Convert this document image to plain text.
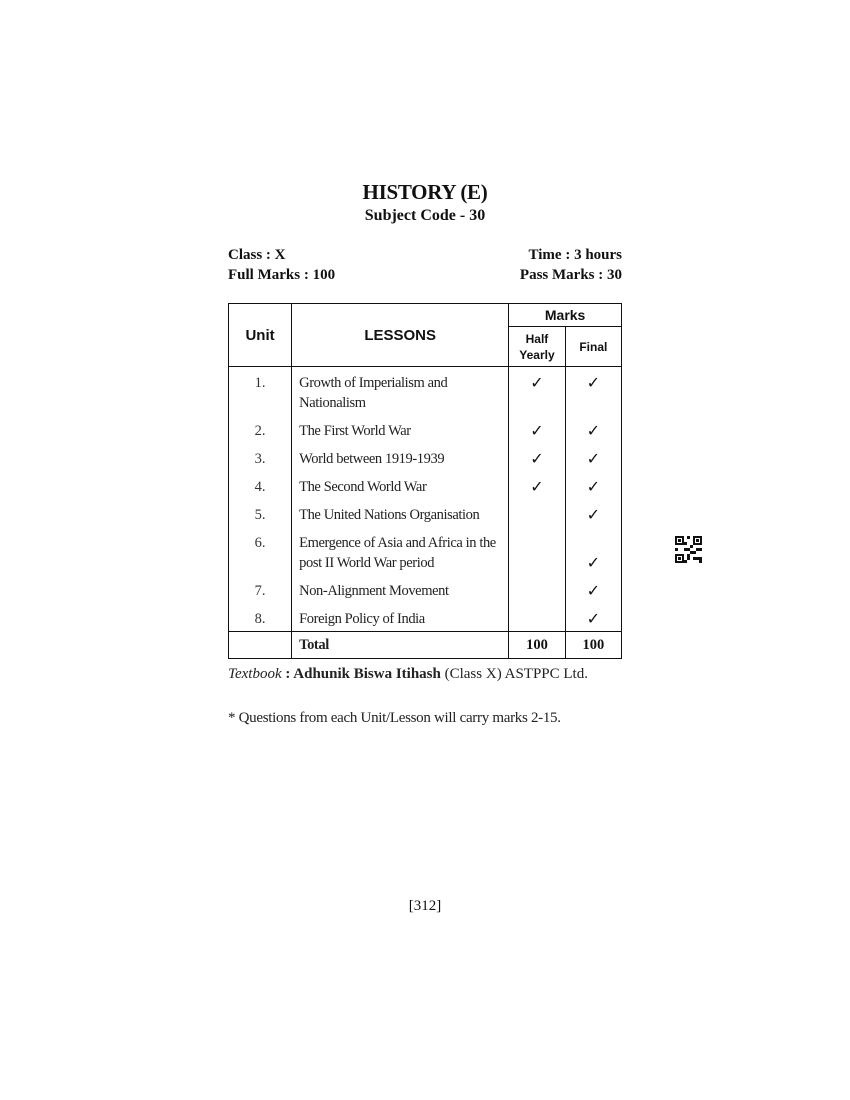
HISTORY (E)
Subject Code - 30
Class : X	Time : 3 hours
Full Marks : 100	Pass Marks : 30
Unit	LESSONS	Marks	
		Half Yearly	Final
1.	Growth of Imperialism and Nationalism	✓	✓
2.	The First World War	✓	✓
3.	World between 1919-1939	✓	✓
4.	The Second World War	✓	✓
5.	The United Nations Organisation		✓
6.	Emergence of Asia and Africa in the post II World War period		✓
7.	Non-Alignment Movement		✓
8.	Foreign Policy of India		✓
	Total	100	100
Textbook : Adhunik Biswa Itihash (Class X) ASTPPC Ltd.
* Questions from each Unit/Lesson will carry marks 2-15.
[312]
